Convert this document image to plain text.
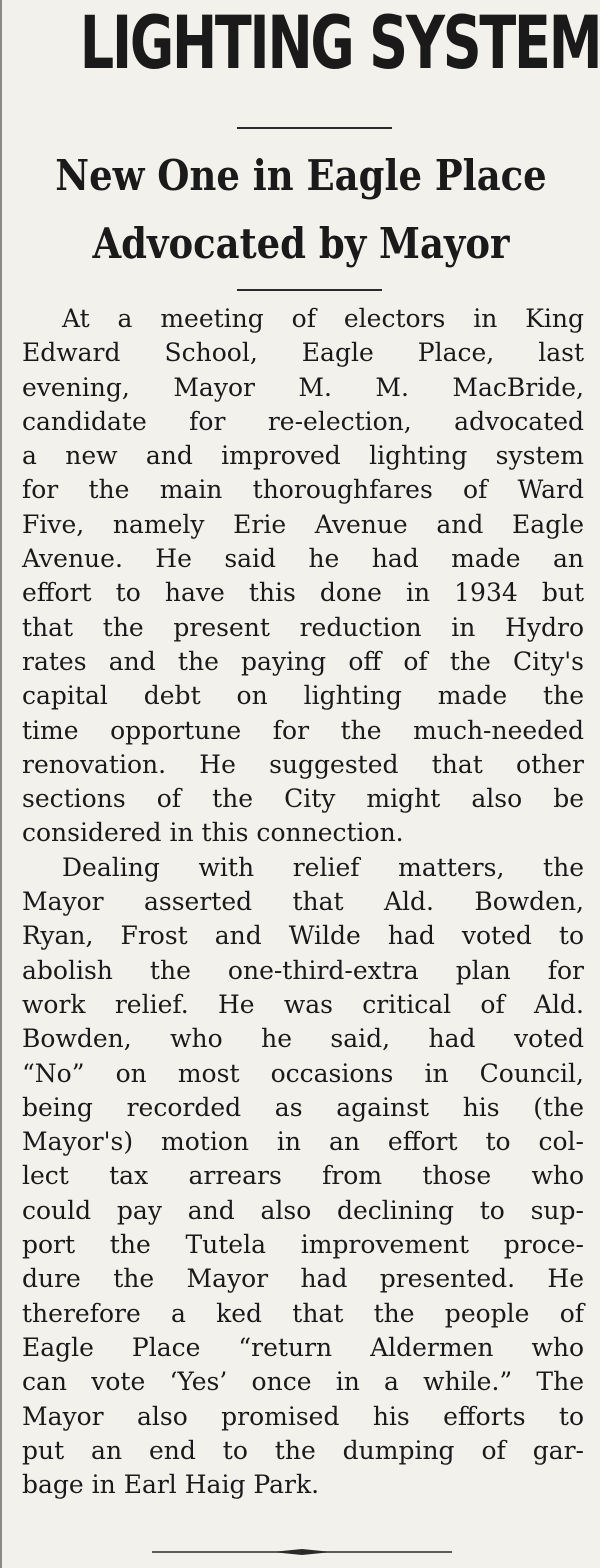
LIGHTING SYSTEM
New One in Eagle Place
Advocated by Mayor
At a meeting of electors in King
Edward School, Eagle Place, last
evening, Mayor M. M. MacBride,
candidate for re-election, advocated
a new and improved lighting system
for the main thoroughfares of Ward
Five, namely Erie Avenue and Eagle
Avenue. He said he had made an
effort to have this done in 1934 but
that the present reduction in Hydro
rates and the paying off of the City's
capital debt on lighting made the
time opportune for the much-needed
renovation. He suggested that other
sections of the City might also be
considered in this connection.
Dealing with relief matters, the
Mayor asserted that Ald. Bowden,
Ryan, Frost and Wilde had voted to
abolish the one-third-extra plan for
work relief. He was critical of Ald.
Bowden, who he said, had voted
“No” on most occasions in Council,
being recorded as against his (the
Mayor's) motion in an effort to col-
lect tax arrears from those who
could pay and also declining to sup-
port the Tutela improvement proce-
dure the Mayor had presented. He
therefore a ked that the people of
Eagle Place “return Aldermen who
can vote ‘Yes’ once in a while.” The
Mayor also promised his efforts to
put an end to the dumping of gar-
bage in Earl Haig Park.
